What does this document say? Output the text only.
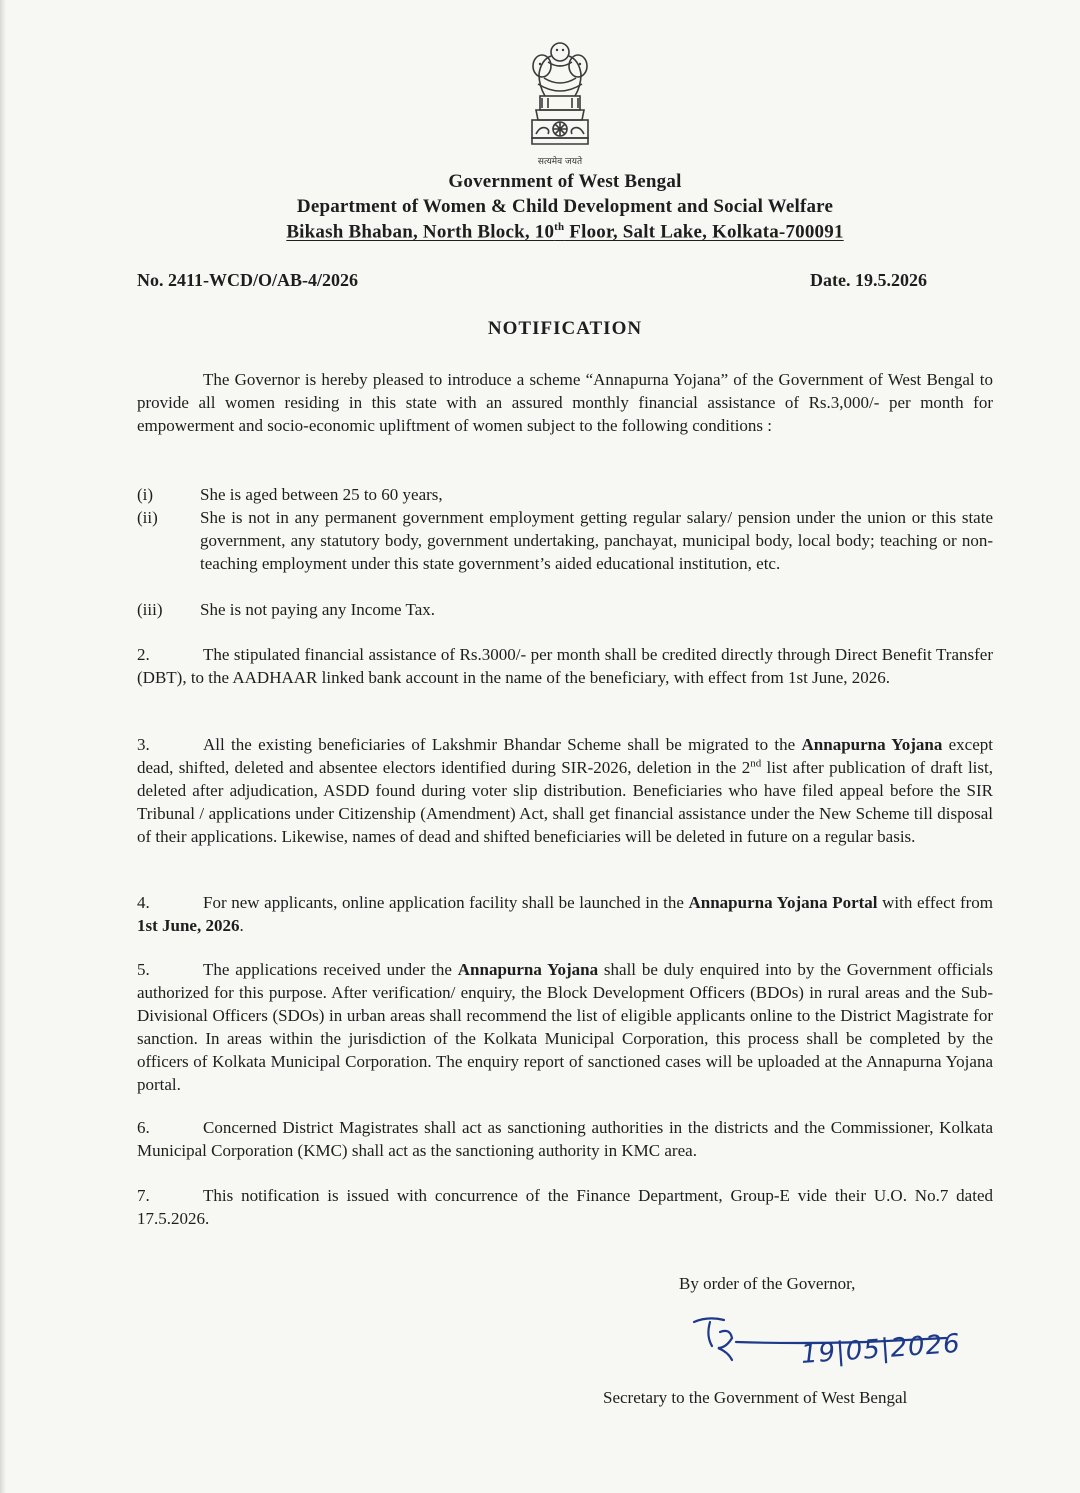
सत्यमेव जयते
Government of West Bengal
Department of Women & Child Development and Social Welfare
Bikash Bhaban, North Block, 10th Floor, Salt Lake, Kolkata-700091
No. 2411-WCD/O/AB-4/2026	Date. 19.5.2026
NOTIFICATION

The Governor is hereby pleased to introduce a scheme “Annapurna Yojana” of the Government of West Bengal to provide all women residing in this state with an assured monthly financial assistance of Rs.3,000/- per month for empowerment and socio-economic upliftment of women subject to the following conditions :

(i)	She is aged between 25 to 60 years,
(ii) She is not in any permanent government employment getting regular salary/ pension under the union or this state government, any statutory body, government undertaking, panchayat, municipal body, local body; teaching or non-teaching employment under this state government’s aided educational institution, etc.
(iii) She is not paying any Income Tax.

2.	The stipulated financial assistance of Rs.3000/- per month shall be credited directly through Direct Benefit Transfer (DBT), to the AADHAAR linked bank account in the name of the beneficiary, with effect from 1st June, 2026.

3.	All the existing beneficiaries of Lakshmir Bhandar Scheme shall be migrated to the Annapurna Yojana except dead, shifted, deleted and absentee electors identified during SIR-2026, deletion in the 2nd list after publication of draft list, deleted after adjudication, ASDD found during voter slip distribution. Beneficiaries who have filed appeal before the SIR Tribunal / applications under Citizenship (Amendment) Act, shall get financial assistance under the New Scheme till disposal of their applications. Likewise, names of dead and shifted beneficiaries will be deleted in future on a regular basis.

4.	For new applicants, online application facility shall be launched in the Annapurna Yojana Portal with effect from 1st June, 2026.

5.	The applications received under the Annapurna Yojana shall be duly enquired into by the Government officials authorized for this purpose. After verification/ enquiry, the Block Development Officers (BDOs) in rural areas and the Sub-Divisional Officers (SDOs) in urban areas shall recommend the list of eligible applicants online to the District Magistrate for sanction. In areas within the jurisdiction of the Kolkata Municipal Corporation, this process shall be completed by the officers of Kolkata Municipal Corporation. The enquiry report of sanctioned cases will be uploaded at the Annapurna Yojana portal.

6.	Concerned District Magistrates shall act as sanctioning authorities in the districts and the Commissioner, Kolkata Municipal Corporation (KMC) shall act as the sanctioning authority in KMC area.

7.	This notification is issued with concurrence of the Finance Department, Group-E vide their U.O. No.7 dated 17.5.2026.

By order of the Governor,
19|05|2026
Secretary to the Government of West Bengal
